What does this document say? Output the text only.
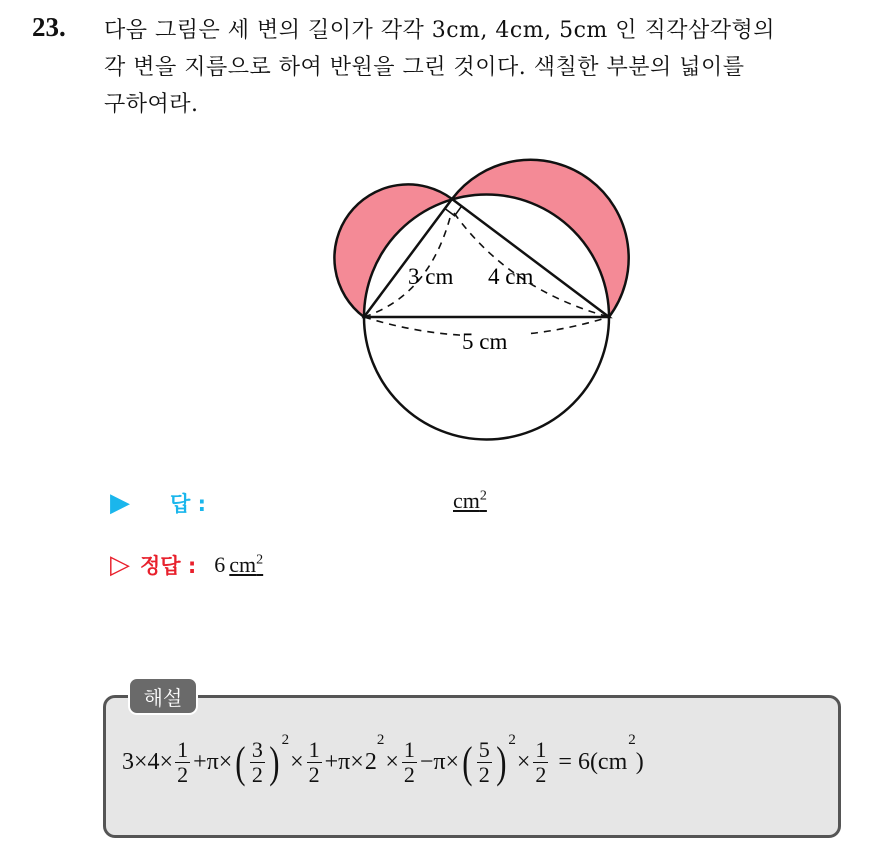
23. 다음 그림은 세 변의 길이가 각각 3cm, 4cm, 5cm 인 직각삼각형의
각 변을 지름으로 하여 반원을 그린 것이다. 색칠한 부분의 넓이를
구하여라.
3 cm 4 cm
5 cm
▶ 답 :	$cm^2$
▷ 정답 : 6 $cm^2$
해설
$3\times 4\times \frac{1}{2} +\pi\times$ ( $\frac{3}{2}$ ) 2
× $\frac{1}{2} +\pi\times 2$
2
× $\frac{1}{2} -\pi\times$ ( $\frac{5}{2}$ ) 2
× $\frac{1}{2} = 6(cm$
2
)
